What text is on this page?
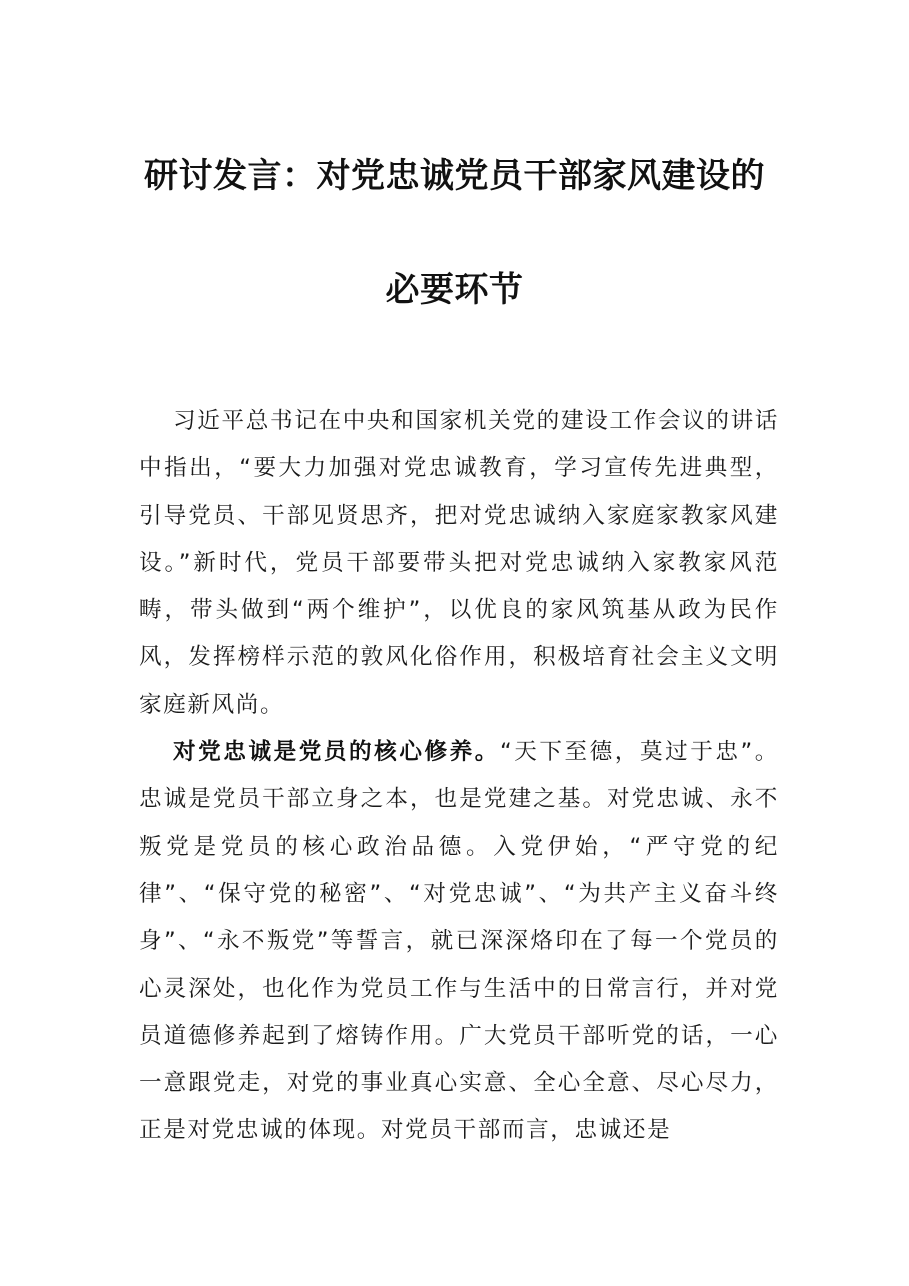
研讨发言：对党忠诚党员干部家风建设的
必要环节

习近平总书记在中央和国家机关党的建设工作会议的讲话中指出，“要大力加强对党忠诚教育，学习宣传先进典型，引导党员、干部见贤思齐，把对党忠诚纳入家庭家教家风建设。”新时代，党员干部要带头把对党忠诚纳入家教家风范畴，带头做到“两个维护”，以优良的家风筑基从政为民作风，发挥榜样示范的敦风化俗作用，积极培育社会主义文明家庭新风尚。

对党忠诚是党员的核心修养。“天下至德，莫过于忠”。忠诚是党员干部立身之本，也是党建之基。对党忠诚、永不叛党是党员的核心政治品德。入党伊始，“严守党的纪律”、“保守党的秘密”、“对党忠诚”、“为共产主义奋斗终身”、“永不叛党”等誓言，就已深深烙印在了每一个党员的心灵深处，也化作为党员工作与生活中的日常言行，并对党员道德修养起到了熔铸作用。广大党员干部听党的话，一心一意跟党走，对党的事业真心实意、全心全意、尽心尽力，正是对党忠诚的体现。对党员干部而言，忠诚还是
